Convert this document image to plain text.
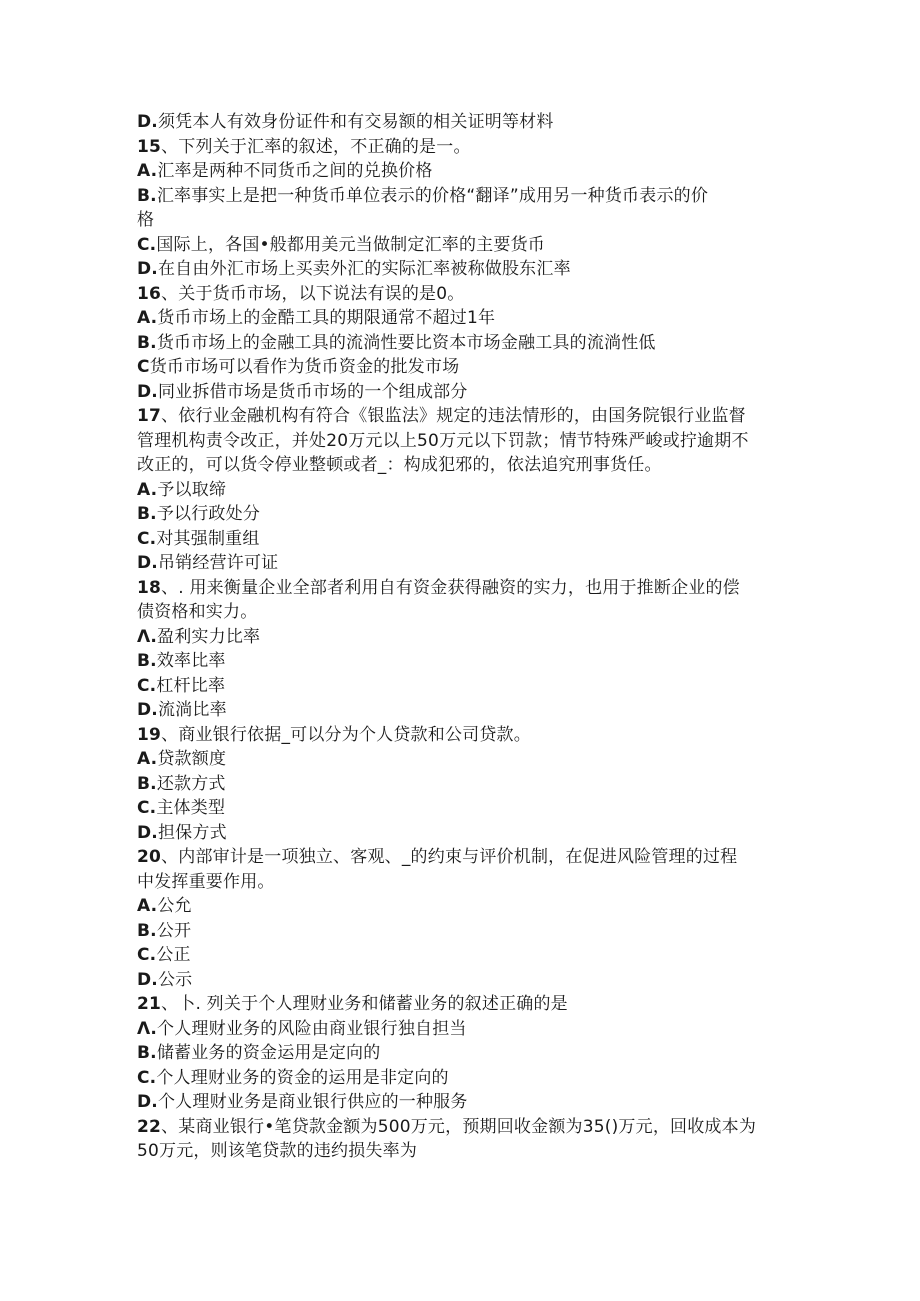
D.须凭本人有效身份证件和有交易额的相关证明等材料
15、下列关于汇率的叙述，不正确的是一。
A.汇率是两种不同货币之间的兑换价格
B.汇率事实上是把一种货币单位表示的价格“翻译”成用另一种货币表示的价
格
C.国际上，各国•般都用美元当做制定汇率的主要货币
D.在自由外汇市场上买卖外汇的实际汇率被称做股东汇率
16、关于货币市场，以下说法有误的是0。
A.货币市场上的金酷工具的期限通常不超过1年
B.货币市场上的金融工具的流淌性要比资本市场金融工具的流淌性低
C货币市场可以看作为货币资金的批发市场
D.同业拆借市场是货币市场的一个组成部分
17、依行业金融机构有符合《银监法》规定的违法情形的，由国务院银行业监督
管理机构责令改正，并处20万元以上50万元以下罚款；情节特殊严峻或拧逾期不
改正的，可以货令停业整顿或者_：构成犯邪的，依法追究刑事货任。
A.予以取缔
B.予以行政处分
C.对其强制重组
D.吊销经营许可证
18、. 用来衡量企业全部者利用自有资金获得融资的实力，也用于推断企业的偿
债资格和实力。
Λ.盈利实力比率
B.效率比率
C.杠杆比率
D.流淌比率
19、商业银行依据_可以分为个人贷款和公司贷款。
A.贷款额度
B.还款方式
C.主体类型
D.担保方式
20、内部审计是一项独立、客观、_的约束与评价机制，在促进风险管理的过程
中发挥重要作用。
A.公允
B.公开
C.公正
D.公示
21、卜. 列关于个人理财业务和储蓄业务的叙述正确的是
Λ.个人理财业务的风险由商业银行独自担当
B.储蓄业务的资金运用是定向的
C.个人理财业务的资金的运用是非定向的
D.个人理财业务是商业银行供应的一种服务
22、某商业银行•笔贷款金额为500万元，预期回收金额为35()万元，回收成本为
50万元，则该笔贷款的违约损失率为
